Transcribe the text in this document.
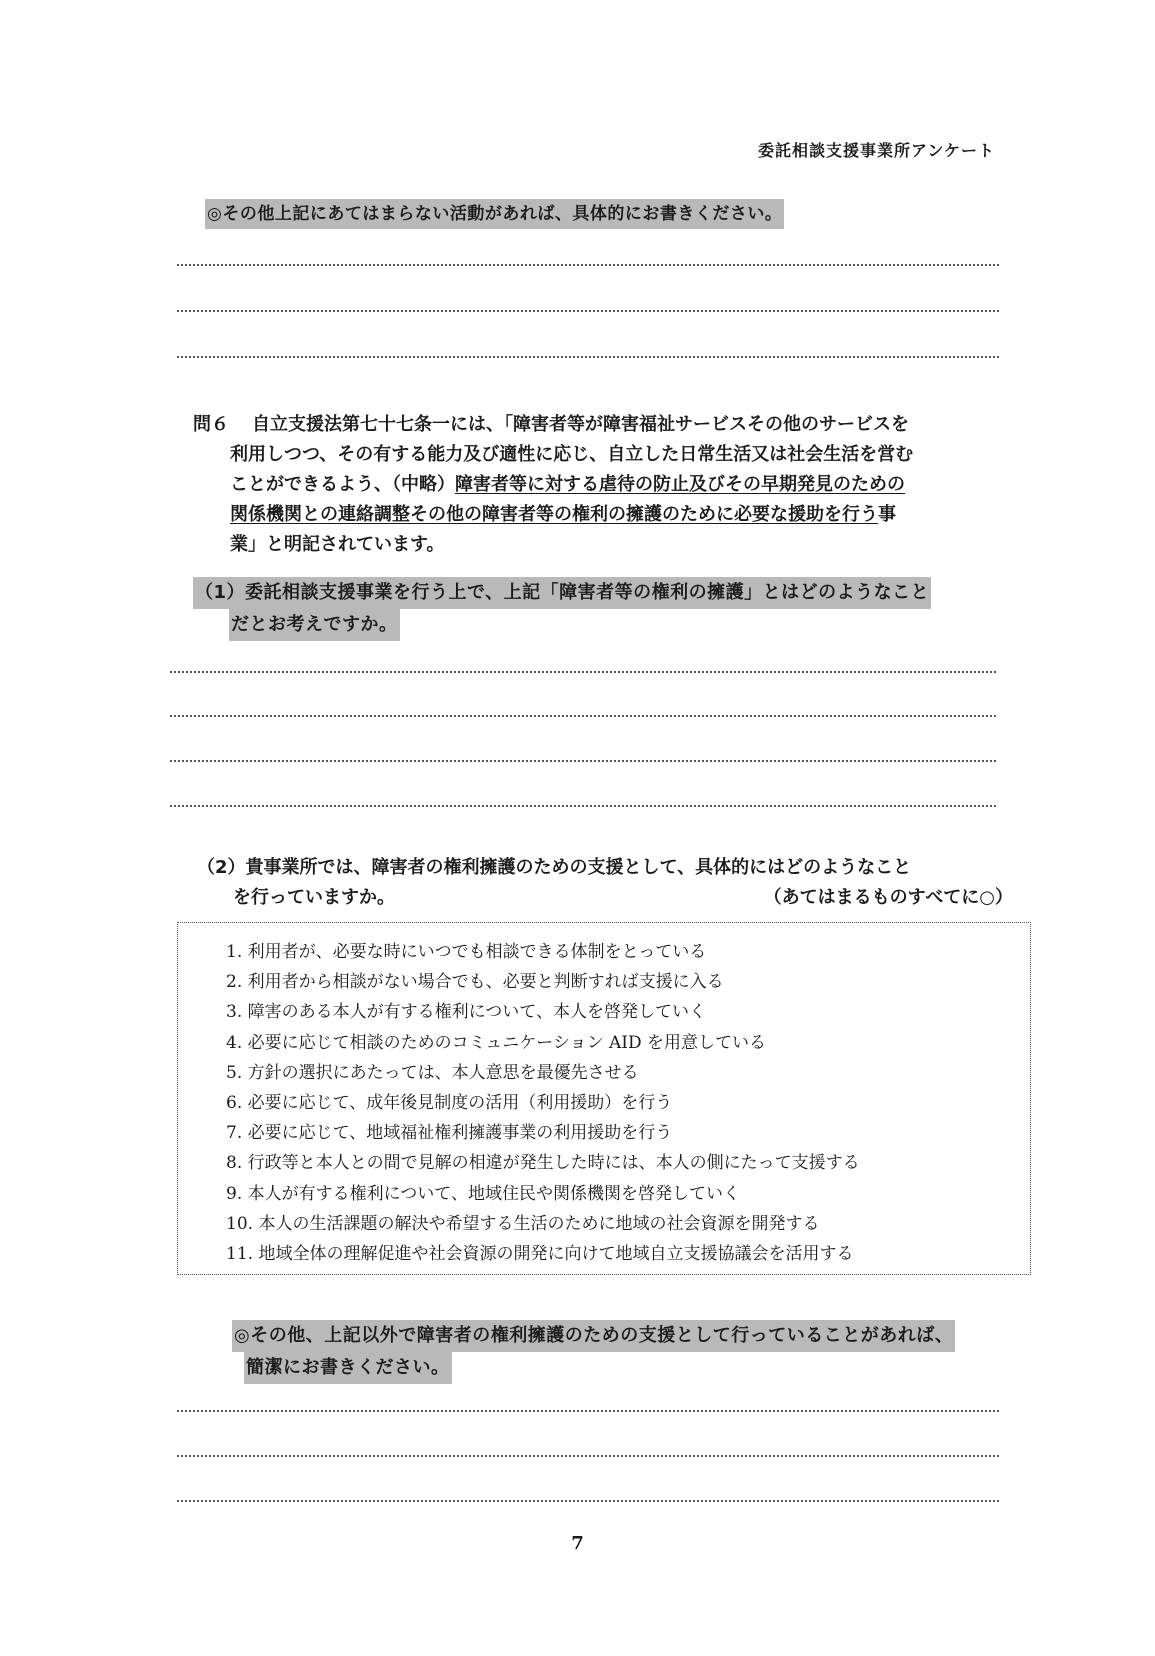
委託相談支援事業所アンケート
◎その他上記にあてはまらない活動があれば、具体的にお書きください。
問６ 自立支援法第七十七条一には、「障害者等が障害福祉サービスその他のサービスを
利用しつつ、その有する能力及び適性に応じ、自立した日常生活又は社会生活を営む
ことができるよう、（中略）障害者等に対する虐待の防止及びその早期発見のための
関係機関との連絡調整その他の障害者等の権利の擁護のために必要な援助を行う事
業」と明記されています。
（1）委託相談支援事業を行う上で、上記「障害者等の権利の擁護」とはどのようなこと
だとお考えですか。
（2）貴事業所では、障害者の権利擁護のための支援として、具体的にはどのようなこと
を行っていますか。	（あてはまるものすべてに○）
1. 利用者が、必要な時にいつでも相談できる体制をとっている
2. 利用者から相談がない場合でも、必要と判断すれば支援に入る
3. 障害のある本人が有する権利について、本人を啓発していく
4. 必要に応じて相談のためのコミュニケーション AID を用意している
5. 方針の選択にあたっては、本人意思を最優先させる
6. 必要に応じて、成年後見制度の活用（利用援助）を行う
7. 必要に応じて、地域福祉権利擁護事業の利用援助を行う
8. 行政等と本人との間で見解の相違が発生した時には、本人の側にたって支援する
9. 本人が有する権利について、地域住民や関係機関を啓発していく
10. 本人の生活課題の解決や希望する生活のために地域の社会資源を開発する
11. 地域全体の理解促進や社会資源の開発に向けて地域自立支援協議会を活用する
◎その他、上記以外で障害者の権利擁護のための支援として行っていることがあれば、
簡潔にお書きください。
7
